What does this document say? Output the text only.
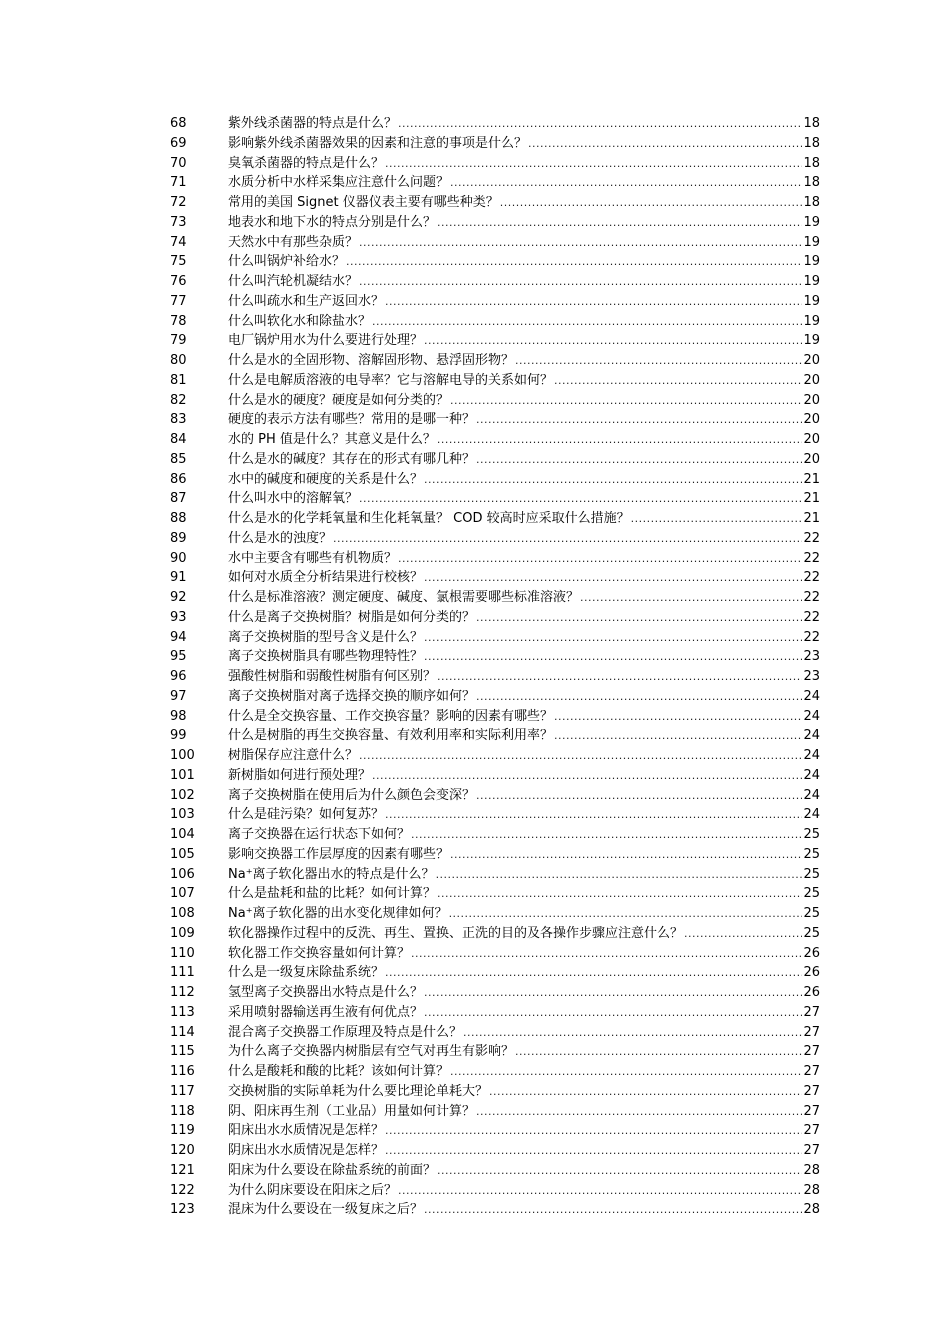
68	紫外线杀菌器的特点是什么？ .....	18
69	影响紫外线杀菌器效果的因素和注意的事项是什么？ .....	18
70	臭氧杀菌器的特点是什么？ .....	18
71	水质分析中水样采集应注意什么问题？ .....	18
72	常用的美国 Signet 仪器仪表主要有哪些种类？ .....	18
73	地表水和地下水的特点分别是什么？ .....	19
74	天然水中有那些杂质？ .....	19
75	什么叫锅炉补给水？ .....	19
76	什么叫汽轮机凝结水？ .....	19
77	什么叫疏水和生产返回水？ .....	19
78	什么叫软化水和除盐水？ .....	19
79	电厂锅炉用水为什么要进行处理？ .....	19
80	什么是水的全固形物、溶解固形物、悬浮固形物？ .....	20
81	什么是电解质溶液的电导率？它与溶解电导的关系如何？ .....	20
82	什么是水的硬度？硬度是如何分类的？ .....	20
83	硬度的表示方法有哪些？常用的是哪一种？ .....	20
84	水的 PH 值是什么？其意义是什么？ .....	20
85	什么是水的碱度？其存在的形式有哪几种？ .....	20
86	水中的碱度和硬度的关系是什么？ .....	21
87	什么叫水中的溶解氧？ .....	21
88	什么是水的化学耗氧量和生化耗氧量？ COD 较高时应采取什么措施？ .....	21
89	什么是水的浊度？ .....	22
90	水中主要含有哪些有机物质？ .....	22
91	如何对水质全分析结果进行校核？ .....	22
92	什么是标准溶液？测定硬度、碱度、氯根需要哪些标准溶液？ .....	22
93	什么是离子交换树脂？树脂是如何分类的？ .....	22
94	离子交换树脂的型号含义是什么？ .....	22
95	离子交换树脂具有哪些物理特性？ .....	23
96	强酸性树脂和弱酸性树脂有何区别？ .....	23
97	离子交换树脂对离子选择交换的顺序如何？ .....	24
98	什么是全交换容量、工作交换容量？影响的因素有哪些？ .....	24
99	什么是树脂的再生交换容量、有效利用率和实际利用率？ .....	24
100	树脂保存应注意什么？ .....	24
101	新树脂如何进行预处理？ .....	24
102	离子交换树脂在使用后为什么颜色会变深？ .....	24
103	什么是硅污染？如何复苏？ .....	24
104	离子交换器在运行状态下如何？ .....	25
105	影响交换器工作层厚度的因素有哪些？ .....	25
106	Na⁺离子软化器出水的特点是什么？ .....	25
107	什么是盐耗和盐的比耗？如何计算？ .....	25
108	Na⁺离子软化器的出水变化规律如何？ .....	25
109	软化器操作过程中的反洗、再生、置换、正洗的目的及各操作步骤应注意什么？ .....	25
110	软化器工作交换容量如何计算？ .....	26
111	什么是一级复床除盐系统？ .....	26
112	氢型离子交换器出水特点是什么？ .....	26
113	采用喷射器输送再生液有何优点？ .....	27
114	混合离子交换器工作原理及特点是什么？ .....	27
115	为什么离子交换器内树脂层有空气对再生有影响？ .....	27
116	什么是酸耗和酸的比耗？该如何计算？ .....	27
117	交换树脂的实际单耗为什么要比理论单耗大？ .....	27
118	阴、阳床再生剂（工业品）用量如何计算？ .....	27
119	阳床出水水质情况是怎样？ .....	27
120	阴床出水水质情况是怎样？ .....	27
121	阳床为什么要设在除盐系统的前面？ .....	28
122	为什么阴床要设在阳床之后？ .....	28
123	混床为什么要设在一级复床之后？ .....	28
